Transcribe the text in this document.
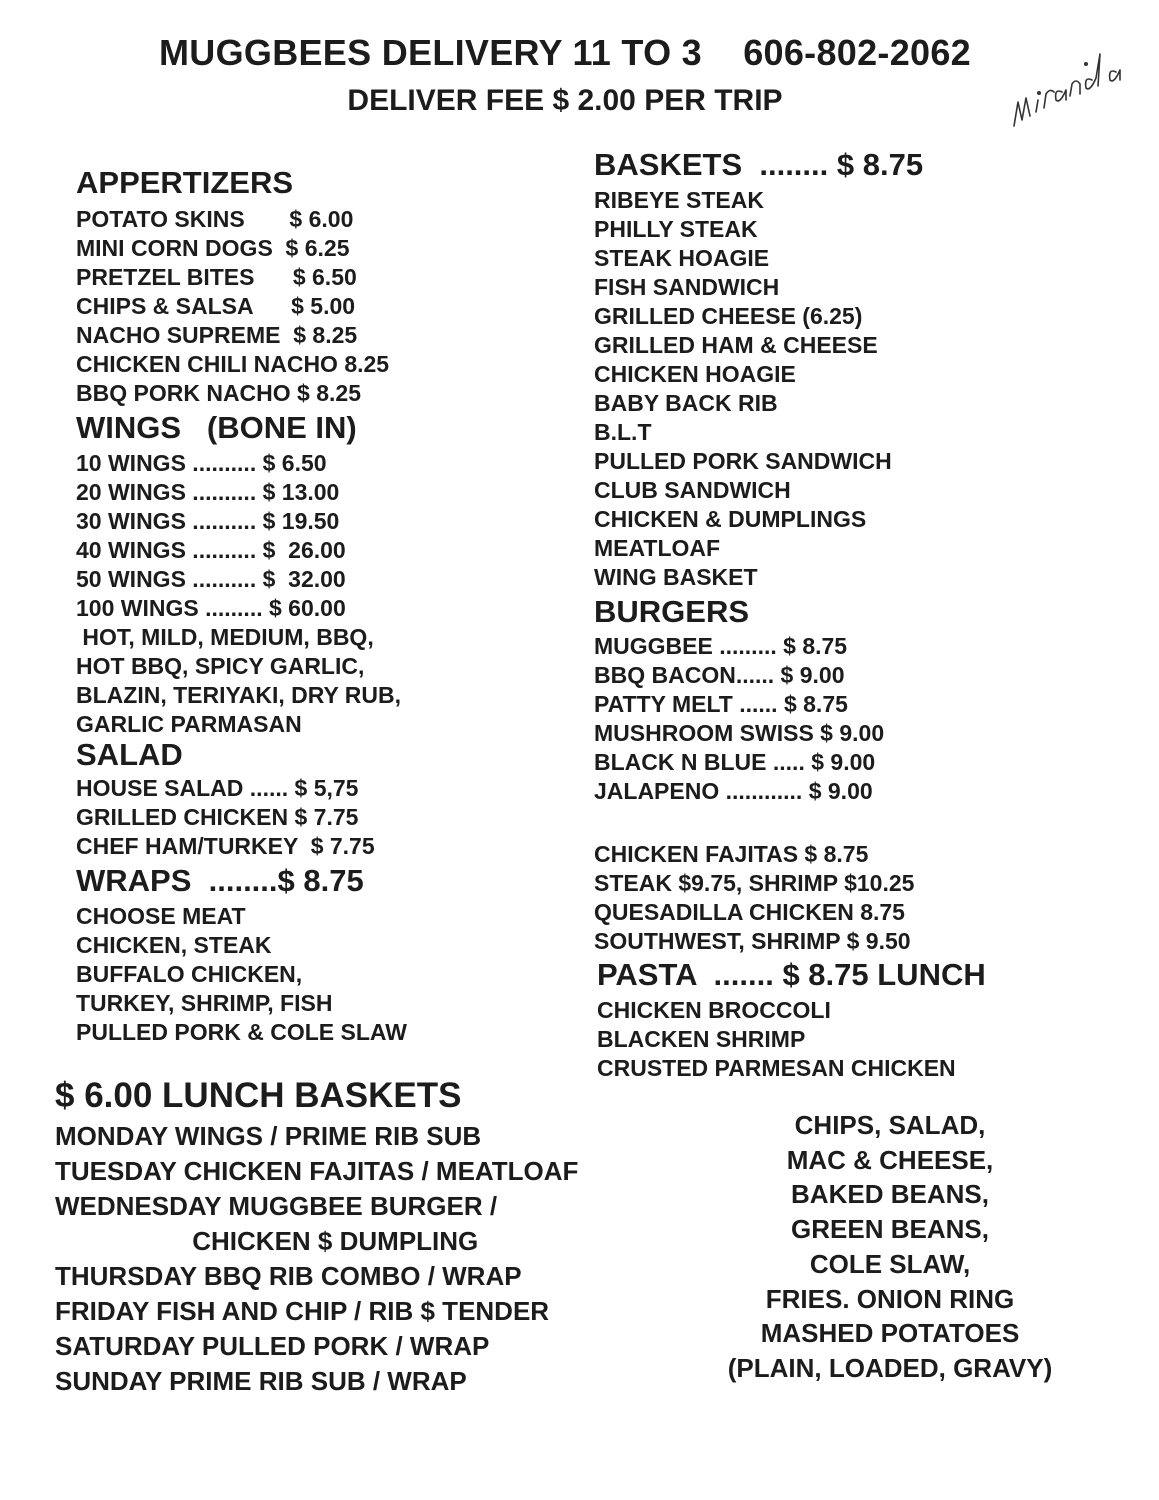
MUGGBEES DELIVERY 11 TO 3    606-802-2062
DELIVER FEE $ 2.00 PER TRIP
APPERTIZERS
POTATO SKINS       $ 6.00
MINI CORN DOGS  $ 6.25
PRETZEL BITES      $ 6.50
CHIPS & SALSA      $ 5.00
NACHO SUPREME  $ 8.25
CHICKEN CHILI NACHO 8.25
BBQ PORK NACHO $ 8.25
WINGS   (BONE IN)
10 WINGS .......... $ 6.50
20 WINGS .......... $ 13.00
30 WINGS .......... $ 19.50
40 WINGS .......... $  26.00
50 WINGS .......... $  32.00
100 WINGS ......... $ 60.00
HOT, MILD, MEDIUM, BBQ,
HOT BBQ, SPICY GARLIC,
BLAZIN, TERIYAKI, DRY RUB,
GARLIC PARMASAN
SALAD
HOUSE SALAD ...... $ 5,75
GRILLED CHICKEN $ 7.75
CHEF HAM/TURKEY  $ 7.75
WRAPS  ........$ 8.75
CHOOSE MEAT
CHICKEN, STEAK
BUFFALO CHICKEN,
TURKEY, SHRIMP, FISH
PULLED PORK & COLE SLAW
BASKETS  ........ $ 8.75
RIBEYE STEAK
PHILLY STEAK
STEAK HOAGIE
FISH SANDWICH
GRILLED CHEESE (6.25)
GRILLED HAM & CHEESE
CHICKEN HOAGIE
BABY BACK RIB
B.L.T
PULLED PORK SANDWICH
CLUB SANDWICH
CHICKEN & DUMPLINGS
MEATLOAF
WING BASKET
BURGERS
MUGGBEE ......... $ 8.75
BBQ BACON...... $ 9.00
PATTY MELT ...... $ 8.75
MUSHROOM SWISS $ 9.00
BLACK N BLUE ..... $ 9.00
JALAPENO ............ $ 9.00
CHICKEN FAJITAS $ 8.75
STEAK $9.75, SHRIMP $10.25
QUESADILLA CHICKEN 8.75
SOUTHWEST, SHRIMP $ 9.50
PASTA  ....... $ 8.75 LUNCH
CHICKEN BROCCOLI
BLACKEN SHRIMP
CRUSTED PARMESAN CHICKEN
$ 6.00 LUNCH BASKETS
MONDAY WINGS / PRIME RIB SUB
TUESDAY CHICKEN FAJITAS / MEATLOAF
WEDNESDAY MUGGBEE BURGER /
CHICKEN $ DUMPLING
THURSDAY BBQ RIB COMBO / WRAP
FRIDAY FISH AND CHIP / RIB $ TENDER
SATURDAY PULLED PORK / WRAP
SUNDAY PRIME RIB SUB / WRAP
CHIPS, SALAD,
MAC & CHEESE,
BAKED BEANS,
GREEN BEANS,
COLE SLAW,
FRIES. ONION RING
MASHED POTATOES
(PLAIN, LOADED, GRAVY)
